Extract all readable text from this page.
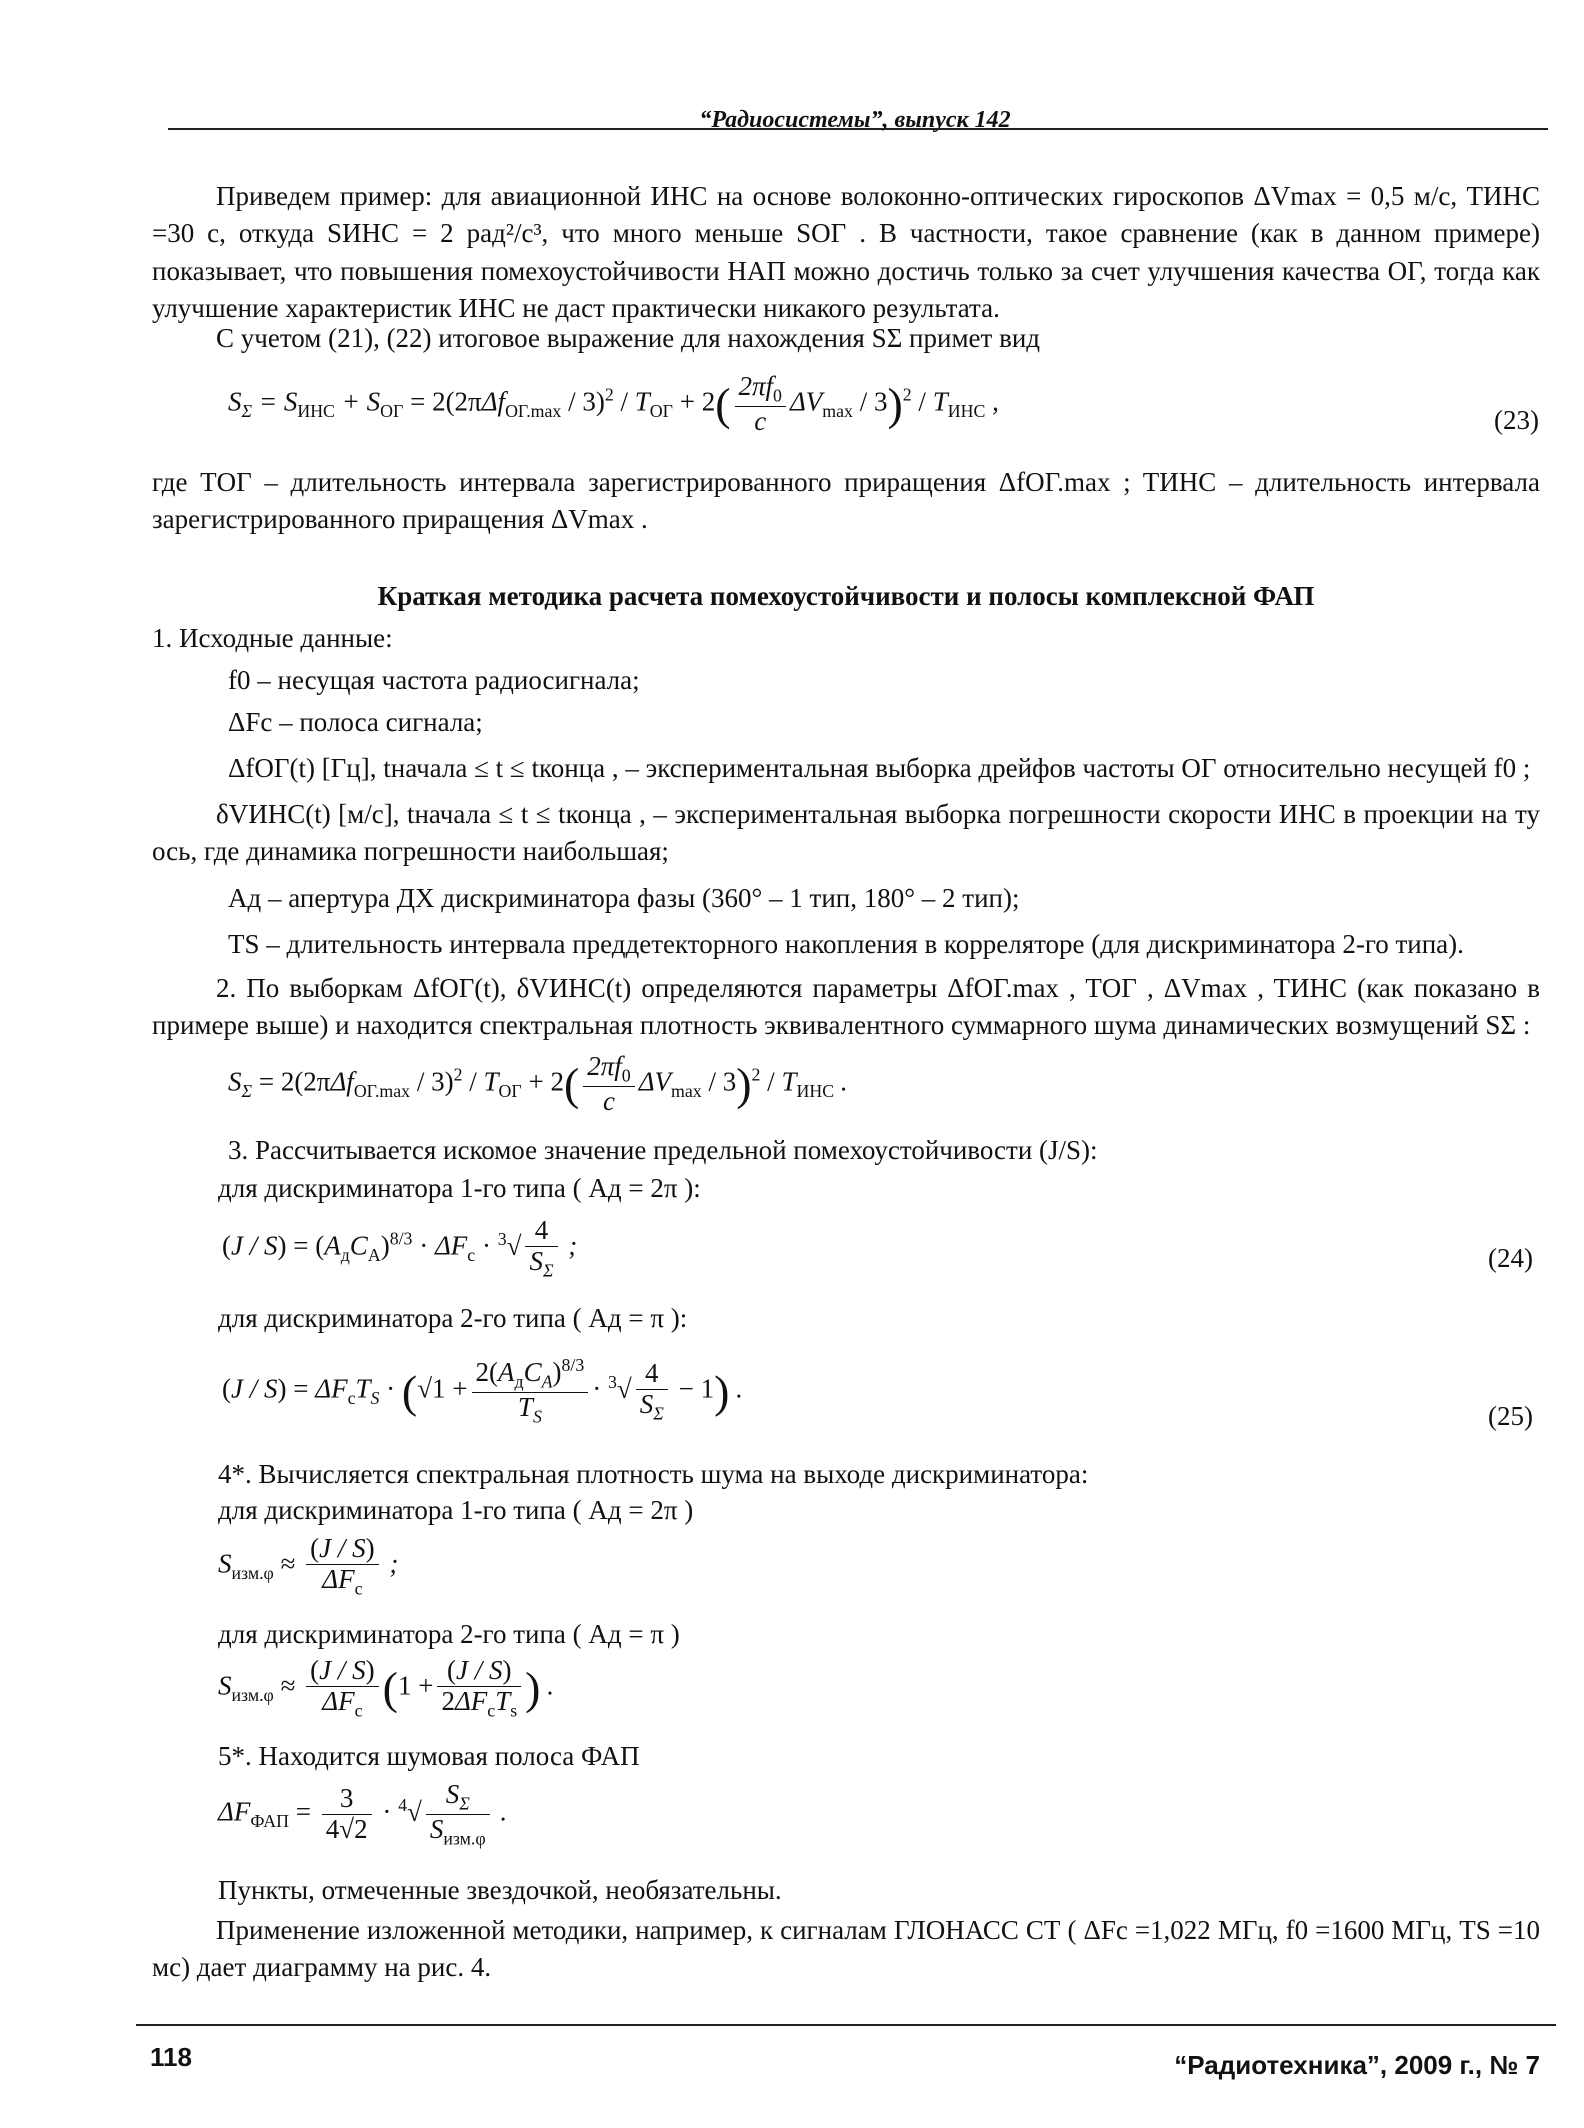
“Радиосистемы”, выпуск 142
Приведем пример: для авиационной ИНС на основе волоконно-оптических гироскопов ΔVmax = 0,5 м/с, TИНС =30 с, откуда SИНС = 2 рад²/с³, что много меньше SОГ . В частности, такое сравнение (как в данном примере) показывает, что повышения помехоустойчивости НАП можно достичь только за счет улучшения качества ОГ, тогда как улучшение характеристик ИНС не даст практически никакого результата.
С учетом (21), (22) итоговое выражение для нахождения SΣ примет вид
$S_\Sigma = S_{ИНС} + S_{ОГ} = 2(2\pi\Delta f_{ОГ.max} / 3)^2 / T_{ОГ} + 2( \frac{2\pi f_0}{c} \Delta V_{max} / 3)^2 / T_{ИНС}$ ,
(23)
где TОГ – длительность интервала зарегистрированного приращения ΔfОГ.max ; TИНС – длительность интервала зарегистрированного приращения ΔVmax .
Краткая методика расчета помехоустойчивости и полосы комплексной ФАП
1. Исходные данные:
f0 – несущая частота радиосигнала;
ΔFс – полоса сигнала;
ΔfОГ(t) [Гц], tначала ≤ t ≤ tконца , – экспериментальная выборка дрейфов частоты ОГ относительно несущей f0 ;
δVИНС(t) [м/с], tначала ≤ t ≤ tконца , – экспериментальная выборка погрешности скорости ИНС в проекции на ту ось, где динамика погрешности наибольшая;
Aд – апертура ДХ дискриминатора фазы (360° – 1 тип, 180° – 2 тип);
TS – длительность интервала преддетекторного накопления в корреляторе (для дискриминатора 2-го типа).
2. По выборкам ΔfОГ(t), δVИНС(t) определяются параметры ΔfОГ.max , TОГ , ΔVmax , TИНС (как показано в примере выше) и находится спектральная плотность эквивалентного суммарного шума динамических возмущений SΣ :
$S_\Sigma = 2(2\pi\Delta f_{ОГ.max} / 3)^2 / T_{ОГ} + 2( \frac{2\pi f_0}{c} \Delta V_{max} / 3)^2 / T_{ИНС}$ .
3. Рассчитывается искомое значение предельной помехоустойчивости (J/S):
для дискриминатора 1-го типа ( Aд = 2π ):
$(J / S) = (A_дC_А)^{8/3} \cdot \Delta F_с \cdot ^3√ \frac{4}{S_\Sigma}$ ;	(24)
для дискриминатора 2-го типа ( Aд = π ):
$(J / S) = \Delta F_сT_S \cdot (√1 + \frac{2(A_дC_A)^{8/3}}{T_S} \cdot ^3√ \frac{4}{S_\Sigma} - 1)$ .
(25)
4*. Вычисляется спектральная плотность шума на выходе дискриминатора:
для дискриминатора 1-го типа ( Aд = 2π )
$S_{изм.\varphi} \approx \frac{(J / S)}{\Delta F_с}$ ;
для дискриминатора 2-го типа ( Aд = π )
$S_{изм.\varphi} \approx \frac{(J / S)}{\Delta F_с} (1 + \frac{(J / S)}{2\Delta F_сT_s}$ ) .
5*. Находится шумовая полоса ФАП
$\Delta F_{ФАП} = \frac{3}{4√2} \cdot ^4√ \frac{S_\Sigma}{S_{изм.\varphi}}$ .
Пункты, отмеченные звездочкой, необязательны.
Применение изложенной методики, например, к сигналам ГЛОНАСС СТ ( ΔFс =1,022 МГц, f0 =1600 МГц, TS =10 мс) дает диаграмму на рис. 4.
118	“Радиотехника”, 2009 г., № 7
